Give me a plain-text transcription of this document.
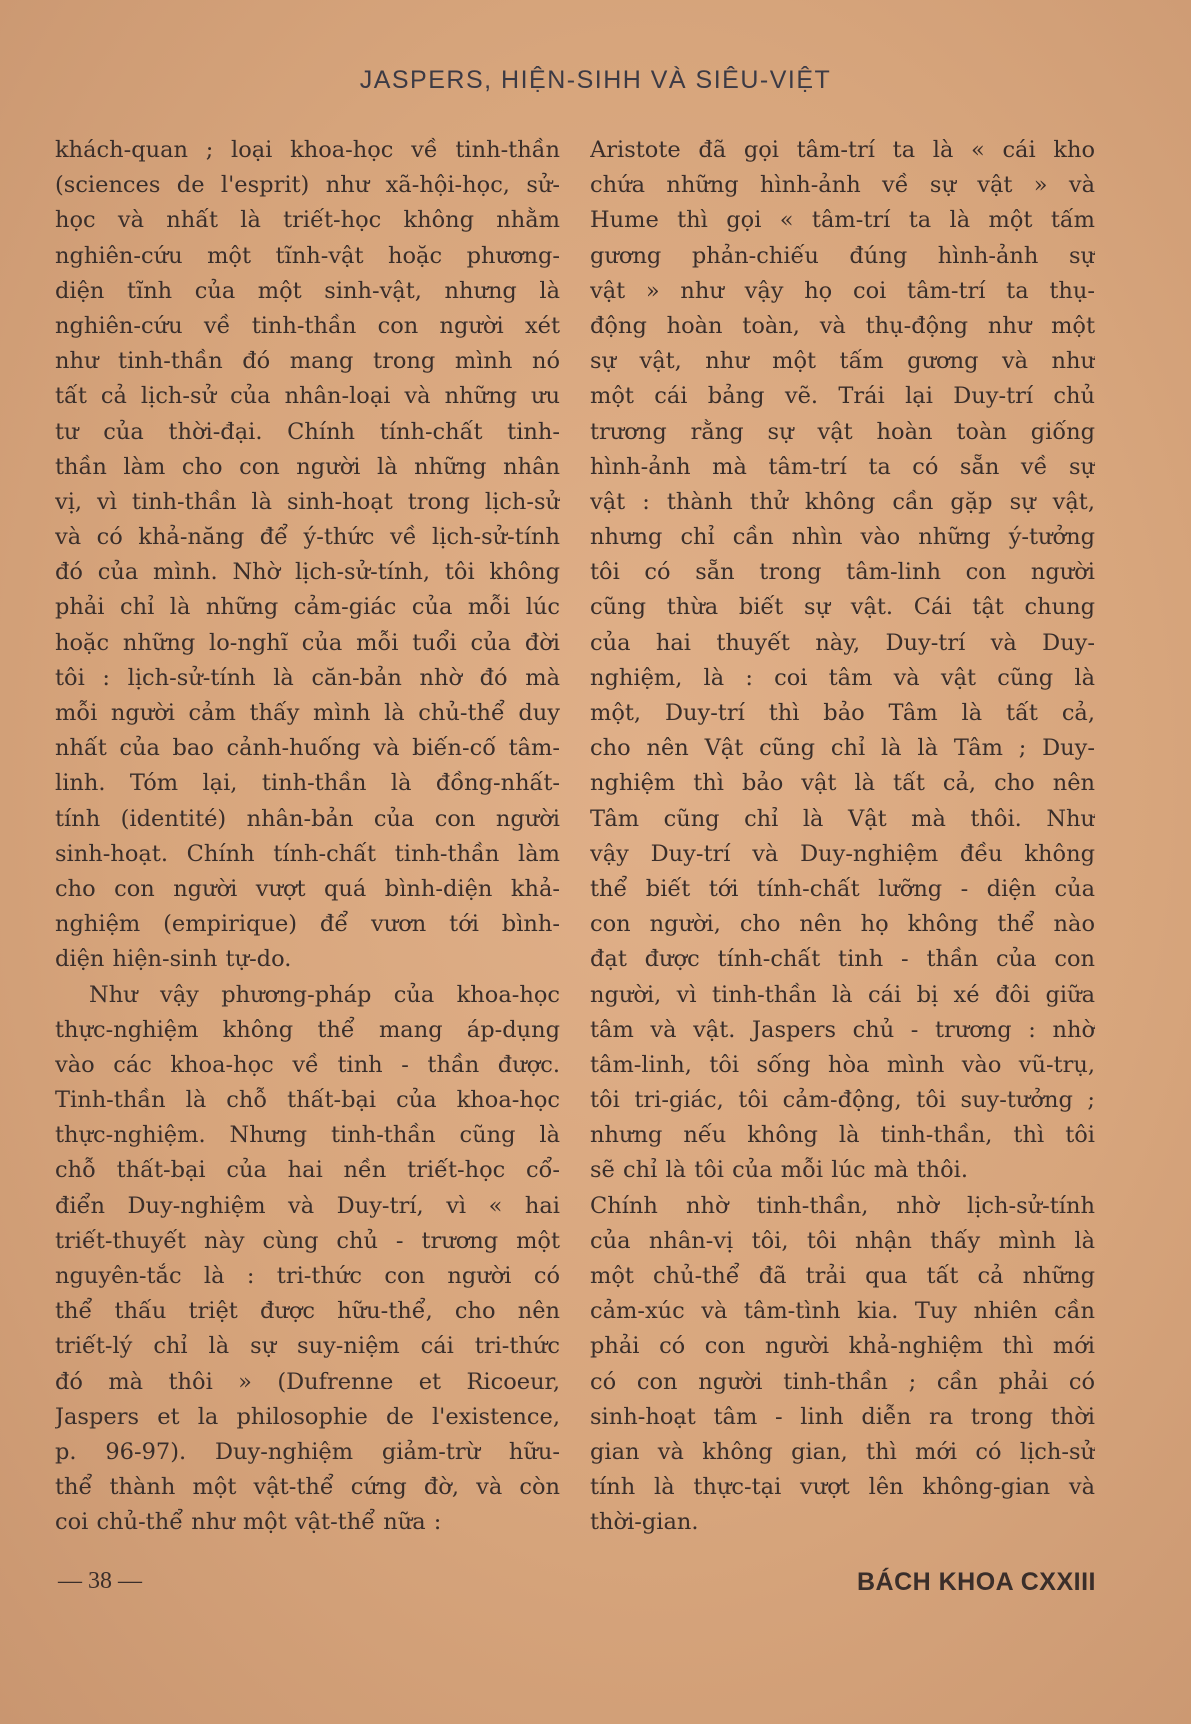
JASPERS, HIỆN-SIHH VÀ SIÊU-VIỆT
khách-quan ; loại khoa-học về tinh-thần
(sciences de l'esprit) như xã-hội-học, sử-
học và nhất là triết-học không nhằm
nghiên-cứu một tĩnh-vật hoặc phương-
diện tĩnh của một sinh-vật, nhưng là
nghiên-cứu về tinh-thần con người xét
như tinh-thần đó mang trong mình nó
tất cả lịch-sử của nhân-loại và những ưu
tư của thời-đại. Chính tính-chất tinh-
thần làm cho con người là những nhân
vị, vì tinh-thần là sinh-hoạt trong lịch-sử
và có khả-năng để ý-thức về lịch-sử-tính
đó của mình. Nhờ lịch-sử-tính, tôi không
phải chỉ là những cảm-giác của mỗi lúc
hoặc những lo-nghĩ của mỗi tuổi của đời
tôi : lịch-sử-tính là căn-bản nhờ đó mà
mỗi người cảm thấy mình là chủ-thể duy
nhất của bao cảnh-huống và biến-cố tâm-
linh. Tóm lại, tinh-thần là đồng-nhất-
tính (identité) nhân-bản của con người
sinh-hoạt. Chính tính-chất tinh-thần làm
cho con người vượt quá bình-diện khả-
nghiệm (empirique) để vươn tới bình-
diện hiện-sinh tự-do.
Như vậy phương-pháp của khoa-học
thực-nghiệm không thể mang áp-dụng
vào các khoa-học về tinh - thần được.
Tinh-thần là chỗ thất-bại của khoa-học
thực-nghiệm. Nhưng tinh-thần cũng là
chỗ thất-bại của hai nền triết-học cổ-
điển Duy-nghiệm và Duy-trí, vì « hai
triết-thuyết này cùng chủ - trương một
nguyên-tắc là : tri-thức con người có
thể thấu triệt được hữu-thể, cho nên
triết-lý chỉ là sự suy-niệm cái tri-thức
đó mà thôi » (Dufrenne et Ricoeur,
Jaspers et la philosophie de l'existence,
p. 96-97). Duy-nghiệm giảm-trừ hữu-
thể thành một vật-thể cứng đờ, và còn
coi chủ-thể như một vật-thể nữa :
Aristote đã gọi tâm-trí ta là « cái kho
chứa những hình-ảnh về sự vật » và
Hume thì gọi « tâm-trí ta là một tấm
gương phản-chiếu đúng hình-ảnh sự
vật » như vậy họ coi tâm-trí ta thụ-
động hoàn toàn, và thụ-động như một
sự vật, như một tấm gương và như
một cái bảng vẽ. Trái lại Duy-trí chủ
trương rằng sự vật hoàn toàn giống
hình-ảnh mà tâm-trí ta có sẵn về sự
vật : thành thử không cần gặp sự vật,
nhưng chỉ cần nhìn vào những ý-tưởng
tôi có sẵn trong tâm-linh con người
cũng thừa biết sự vật. Cái tật chung
của hai thuyết này, Duy-trí và Duy-
nghiệm, là : coi tâm và vật cũng là
một, Duy-trí thì bảo Tâm là tất cả,
cho nên Vật cũng chỉ là là Tâm ; Duy-
nghiệm thì bảo vật là tất cả, cho nên
Tâm cũng chỉ là Vật mà thôi. Như
vậy Duy-trí và Duy-nghiệm đều không
thể biết tới tính-chất lưỡng - diện của
con người, cho nên họ không thể nào
đạt được tính-chất tinh - thần của con
người, vì tinh-thần là cái bị xé đôi giữa
tâm và vật. Jaspers chủ - trương : nhờ
tâm-linh, tôi sống hòa mình vào vũ-trụ,
tôi tri-giác, tôi cảm-động, tôi suy-tưởng ;
nhưng nếu không là tinh-thần, thì tôi
sẽ chỉ là tôi của mỗi lúc mà thôi.
Chính nhờ tinh-thần, nhờ lịch-sử-tính
của nhân-vị tôi, tôi nhận thấy mình là
một chủ-thể đã trải qua tất cả những
cảm-xúc và tâm-tình kia. Tuy nhiên cần
phải có con người khả-nghiệm thì mới
có con người tinh-thần ; cần phải có
sinh-hoạt tâm - linh diễn ra trong thời
gian và không gian, thì mới có lịch-sử
tính là thực-tại vượt lên không-gian và
thời-gian.
— 38 —	BÁCH KHOA CXXIII
